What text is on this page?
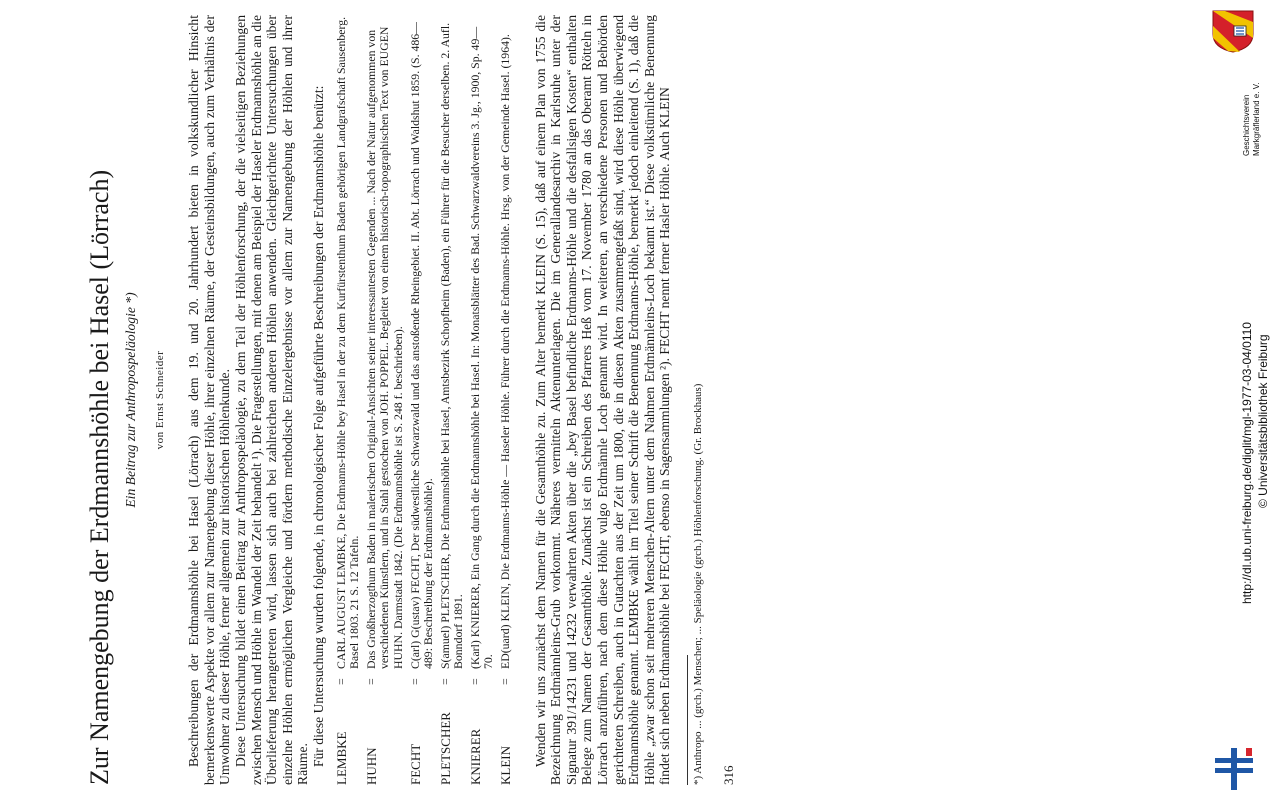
Zur Namengebung der Erdmannshöhle bei Hasel (Lörrach) Ein Beitrag zur Anthropospeläologie *) von Ernst Schneider Beschreibungen der Erdmannshöhle bei Hasel (Lörrach) aus dem 19. und 20. Jahrhundert bieten in volkskundlicher Hinsicht bemerkenswerte Aspekte vor allem zur Namengebung dieser Höhle, ihrer einzelnen Räume, der Gesteinsbildungen, auch zum Verhältnis der Umwohner zu dieser Höhle, ferner allgemein zur historischen Höhlenkunde. Diese Untersuchung bildet einen Beitrag zur Anthropospeläologie, zu dem Teil der Höhlenforschung, der die vielseitigen Beziehungen zwischen Mensch und Höhle im Wandel der Zeit behandelt ¹). Die Fragestellungen, mit denen am Beispiel der Haseler Erdmannshöhle an die Überlieferung herangetreten wird, lassen sich auch bei zahlreichen anderen Höhlen anwenden. Gleichgerichtete Untersuchungen über einzelne Höhlen ermöglichen Vergleiche und fördern methodische Einzelergebnisse vor allem zur Namengebung der Höhlen und ihrer Räume. Für diese Untersuchung wurden folgende, in chronologischer Folge aufgeführte Beschreibungen der Erdmannshöhle benützt: LEMBKE
=
CARL AUGUST LEMBKE, Die Erdmanns-Höhle bey Hasel in der zu dem Kurfürstenthum Baden gehörigen Landgrafschaft Sausenberg. Basel 1803. 21 S. 12 Tafeln.
HUHN
=
Das Großherzogthum Baden in malerischen Original-Ansichten seiner interessantesten Gegenden ... Nach der Natur aufgenommen von verschiedenen Künstlern, und in Stahl gestochen von JOH. POPPEL. Begleitet von einem historisch-topographischen Text von EUGEN HUHN. Darmstadt 1842. (Die Erdmannshöhle ist S. 248 f. beschrieben).
FECHT
=
C(arl) G(ustav) FECHT, Der südwestliche Schwarzwald und das anstoßende Rheingebiet. II. Abt. Lörrach und Waldshut 1859. (S. 486—489: Beschreibung der Erdmannshöhle).
PLETSCHER
=
S(amuel) PLETSCHER, Die Erdmannshöhle bei Hasel, Amtsbezirk Schopfheim (Baden), ein Führer für die Besucher derselben. 2. Aufl. Bonndorf 1891.
KNIERER
=
(Karl) KNIERER, Ein Gang durch die Erdmannshöhle bei Hasel. In: Monatsblätter des Bad. Schwarzwaldvereins 3. Jg., 1900, Sp. 49—70.
KLEIN
=
ED(uard) KLEIN, Die Erdmanns-Höhle — Haseler Höhle. Führer durch die Erdmanns-Höhle. Hrsg. von der Gemeinde Hasel. (1964). Wenden wir uns zunächst dem Namen für die Gesamthöhle zu. Zum Alter bemerkt KLEIN (S. 15), daß auf einem Plan von 1755 die Bezeichnung Erdmännleins-Grub vorkommt. Näheres vermitteln Aktenunterlagen. Die im Generallandesarchiv in Karlsruhe unter der Signatur 391/14231 und 14232 verwahrten Akten über die „bey Basel befindliche Erdmanns-Höhle und die desfallsigen Kosten“ enthalten Belege zum Namen der Gesamthöhle. Zunächst ist ein Schreiben des Pfarrers Heß vom 17. November 1780 an das Oberamt Rötteln in Lörrach anzuführen, nach dem diese Höhle vulgo Erdmännle Loch genannt wird. In weiteren, an verschiedene Personen und Behörden gerichteten Schreiben, auch in Gutachten aus der Zeit um 1800, die in diesen Akten zusammengefaßt sind, wird diese Höhle überwiegend Erdmannshöhle genannt. LEMBKE wählt im Titel seiner Schrift die Benennung Erdmanns-Höhle, bemerkt jedoch einleitend (S. 1), daß die Höhle „zwar schon seit mehreren Menschen-Altern unter dem Nahmen Erdmännleins-Loch bekannt ist.“ Diese volkstümliche Benennung findet sich neben Erdmannshöhle bei FECHT, ebenso in Sagensammlungen ²). FECHT nennt ferner Hasler Höhle. Auch KLEIN *) Anthropo ... (grch.) Menschen; ... Speläologie (grch.) Höhlenforschung. (Gr. Brockhaus) 316
Geschichtsverein Markgräflerland e. V.
http://dl.ub.uni-freiburg.de/diglit/mgl-1977-03-04/0110 © Universitätsbibliothek Freiburg
